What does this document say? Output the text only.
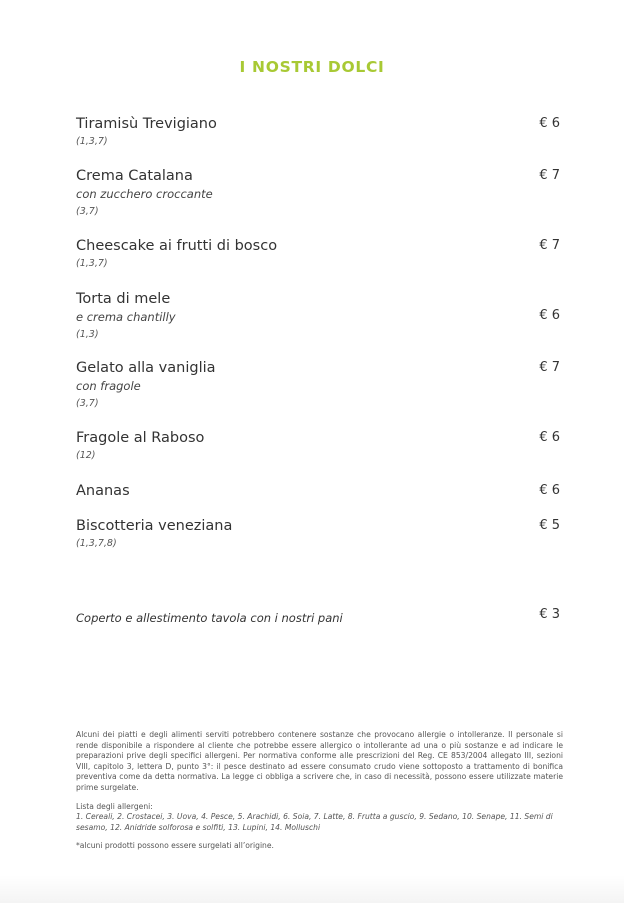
I NOSTRI DOLCI
Tiramisù Trevigiano
(1,3,7)
€ 6
Crema Catalana
con zucchero croccante
(3,7)
€ 7
Cheescake ai frutti di bosco
(1,3,7)
€ 7
Torta di mele
e crema chantilly
(1,3)
€ 6
Gelato alla vaniglia
con fragole
(3,7)
€ 7
Fragole al Raboso
(12)
€ 6
Ananas	€ 6
Biscotteria veneziana
(1,3,7,8)
€ 5
Coperto e allestimento tavola con i nostri pani	€ 3

Alcuni dei piatti e degli alimenti serviti potrebbero contenere sostanze che provocano allergie o intolleranze. Il personale si rende disponibile a rispondere al cliente che potrebbe essere allergico o intollerante ad una o più sostanze e ad indicare le preparazioni prive degli specifici allergeni. Per normativa conforme alle prescrizioni del Reg. CE 853/2004 allegato III, sezioni VIII, capitolo 3, lettera D, punto 3°: il pesce destinato ad essere consumato crudo viene sottoposto a trattamento di bonifica preventiva come da detta normativa. La legge ci obbliga a scrivere che, in caso di necessità, possono essere utilizzate materie prime surgelate.

Lista degli allergeni:

1. Cereali, 2. Crostacei, 3. Uova, 4. Pesce, 5. Arachidi, 6. Soia, 7. Latte, 8. Frutta a guscio, 9. Sedano, 10. Senape, 11. Semi di sesamo, 12. Anidride solforosa e solfiti, 13. Lupini, 14. Molluschi

*alcuni prodotti possono essere surgelati all’origine.
